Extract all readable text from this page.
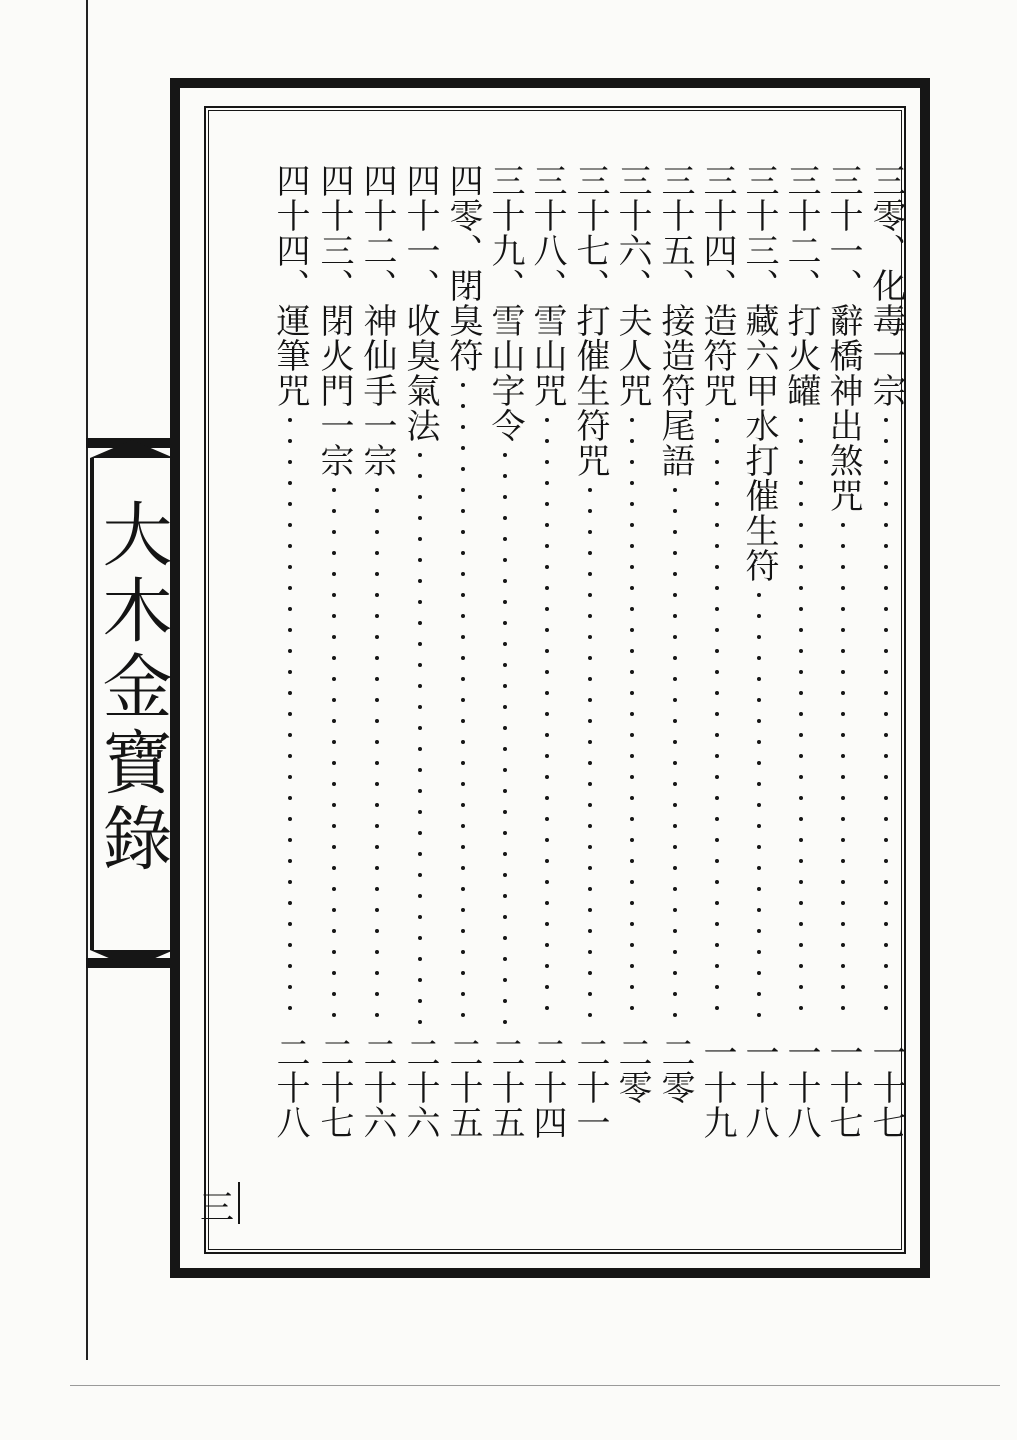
大木金寶錄
三零、化毒一宗
一十七
三十一、辭橋神出煞咒
一十七
三十二、打火罐
一十八
三十三、藏六甲水打催生符
一十八
三十四、造符咒
一十九
三十五、接造符尾語
二零
三十六、夫人咒
二零
三十七、打催生符咒
二十一
三十八、雪山咒
二十四
三十九、雪山字令
二十五
四零、閉臭符
二十五
四十一、收臭氣法
二十六
四十二、神仙手一宗
二十六
四十三、閉火門一宗
二十七
四十四、運筆咒
二十八
三
